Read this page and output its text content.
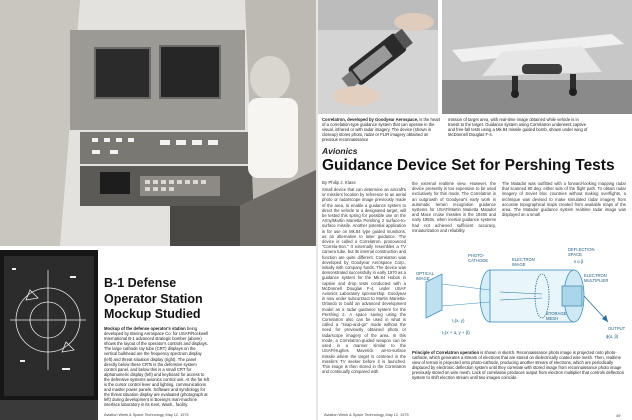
B-1 Defense Operator Station Mockup Studied
Mockup of the defense operator's station being developed by Boeing Aerospace Co. for USAF/Rockwell International B-1 advanced strategic bomber (above) shows the layout of the operator's controls and displays. The large cathode ray tube (CRT) displays on the vertical bulkhead are the frequency spectrum display (left) and threat situation display (right). The panel directly below these CRTs is the defensive system control panel, and below this is a small CRT for alphanumeric display (left) and keyboard for access to the defensive systems avionics control unit. At the far left is the cursor control lever and lighting, communications and master power panels. Software and symbology for the threat situation display are evaluated (photograph at left) during development in Boeing's man-machine interface laboratory in its Kent, Wash., facility.
Aviation Week & Space Technology, May 12, 1975
Correlatron, developed by Goodyear Aerospace, is the heart of a correlation-type guidance system that can operate in the visual, infrared or with radar imagery. The device (shown in closeup) stores photo, radar or FLIR imagery obtained on previous reconnaissance
mission of target area, with real-time image obtained while vehicle is in transit to the target. Guidance system using Correlatron underwent captive and free-fall tests using a Mk.84 missile guided bomb, shown under wing of McDonnell Douglas F-4.
Avionics
Guidance Device Set for Pershing Tests
By Philip J. Klass
Small device that can determine an aircraft's or missile's location by reference to an aerial photo or radarscope image previously made of the area, to enable a guidance system to direct the vehicle to a designated target, will be tested this spring for possible use on the Army/Martin Marietta Pershing 2 surface-to-surface missile. Another potential application is for use on Mk.84 type guided munitions, as an alternative to laser guidance. The device is called a Correlatron, pronounced "Correla-tron." It externally resembles a TV camera tube, but its internal construction and function are quite different. Correlatron was developed by Goodyear Aerospace Corp., initially with company funds. The device was demonstrated successfully in early 1970 as a guidance system for the Mk.84 Hobos in captive and drop tests conducted with a McDonnell Douglas F-4, under USAF Avionics Laboratory sponsorship. Goodyear is now under subcontract to Martin Marietta-Orlando to build an advanced development model as a radar guidance system for the Pershing 2. A space saving using the Correlatron also can be used in what is called a "snap-and-go" mode without the need for previously obtained photo or radarscope imagery of the area. In this mode, a Correlatron-guided weapon can be used in a manner similar to the USAF/Hughes Maverick air-to-surface missile where the target is centered in the missile's TV seeker before it is launched. This image is then stored in the Correlatron and continually compared with
the external realtime view. However, the device presently is too expensive to be used exclusively for this mode. The Correlatron is an outgrowth of Goodyear's early work in automatic terrain recognition guidance systems for USAF/Martin Marietta Matador and Mace cruise missiles in the 1940s and early 1950s, when inertial guidance systems had not achieved sufficient accuracy, miniaturization and reliability.
The Matador was outfitted with a forward-looking mapping radar that scanned 90 deg. either side of the flight path. To obtain radar imagery of Soviet bloc countries without making overflights, a technique was devised to make simulated radar imagery from accurate topographical maps created from available maps of the area. The Matador guidance system realtime radar image was displayed on a small
OPTICAL IMAGE
PHOTO-CATHODE	ELECTRON IMAGE
DEFLECTION SPACE
s α β
STORAGE MESH
ELECTRON MULTIPLIER
I₁(x, y)
I₂(x + α, y + β)
OUTPUT
ϕ(α, β)
Principle of Correlatron operation is shown in sketch. Reconnaissance photo image is projected onto photo-cathode, which generates a stream of electrons that are stored on dielectrically coated wire mesh. Then, realtime view of terrain is projected onto photo-cathode, producing another stream of electrons, which are periodically displaced by electronic deflection system until they correlate with stored image from reconnaissance photo image previously stored on wire mesh. Lack of correlation produces output from electron multiplier that controls deflection system to shift electron stream until two images coincide.
Aviation Week & Space Technology, May 12, 1975	49
